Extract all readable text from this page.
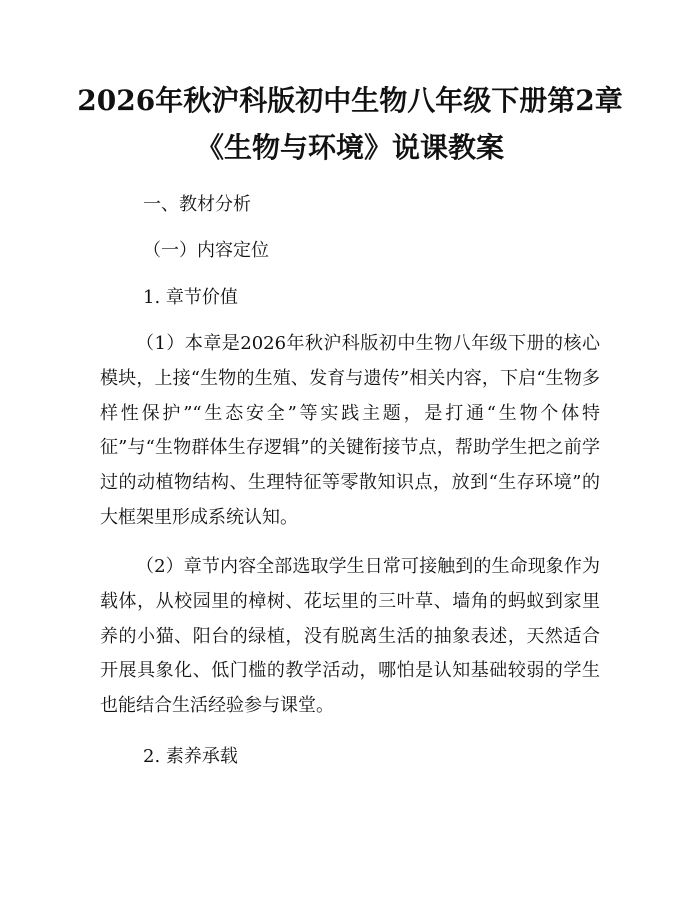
2026年秋沪科版初中生物八年级下册第2章
《生物与环境》说课教案
一、教材分析
（一）内容定位
1. 章节价值
（1）本章是2026年秋沪科版初中生物八年级下册的核心模块，上接“生物的生殖、发育与遗传”相关内容，下启“生物多样性保护”“生态安全”等实践主题，是打通“生物个体特征”与“生物群体生存逻辑”的关键衔接节点，帮助学生把之前学过的动植物结构、生理特征等零散知识点，放到“生存环境”的大框架里形成系统认知。
（2）章节内容全部选取学生日常可接触到的生命现象作为载体，从校园里的樟树、花坛里的三叶草、墙角的蚂蚁到家里养的小猫、阳台的绿植，没有脱离生活的抽象表述，天然适合开展具象化、低门槛的教学活动，哪怕是认知基础较弱的学生也能结合生活经验参与课堂。
2. 素养承载
